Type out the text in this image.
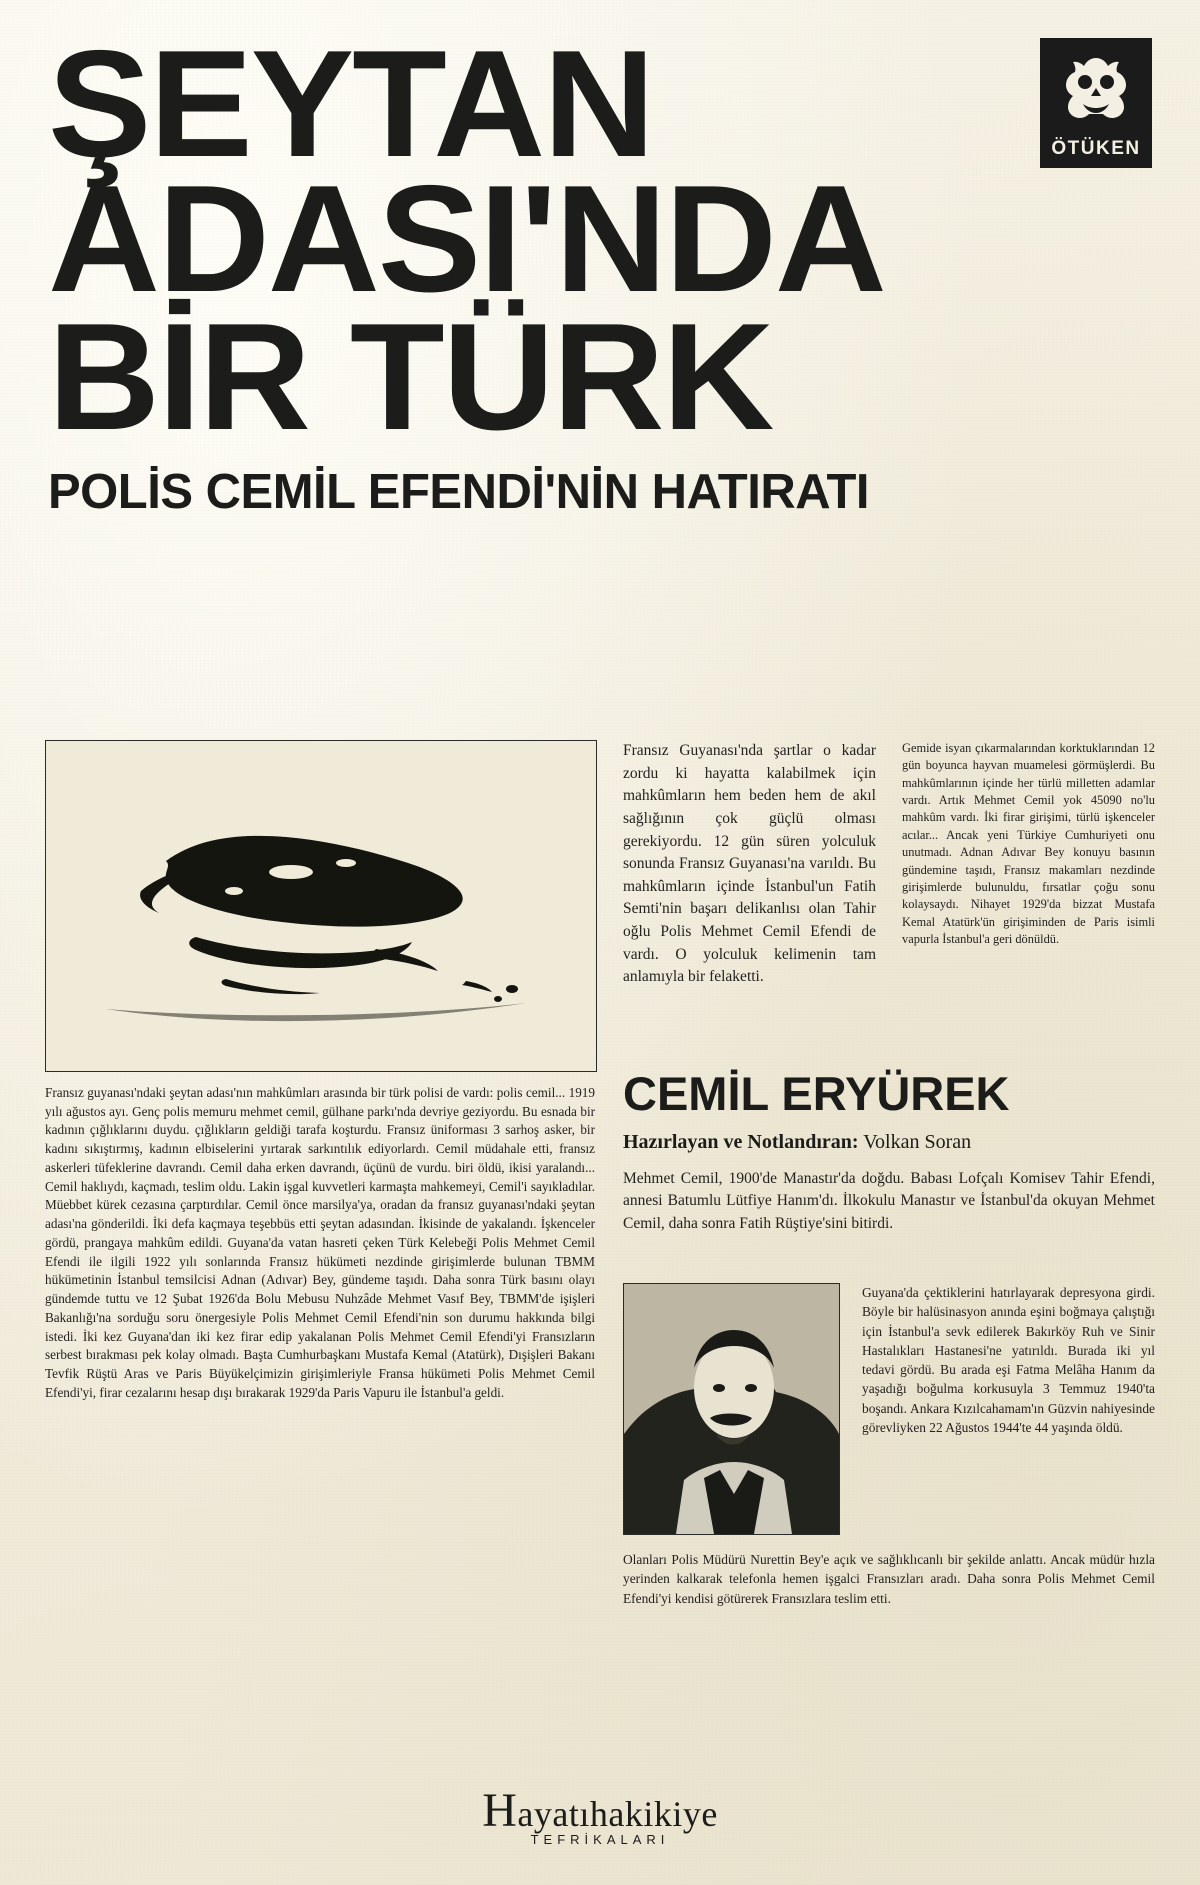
ÖTÜKEN
ŞEYTAN
ADASI'NDA
BİR TÜRK
POLİS CEMİL EFENDİ'NİN HATIRATI

Fransız guyanası'ndaki şeytan adası'nın mahkûmları arasında bir türk polisi de vardı: polis cemil... 1919 yılı ağustos ayı. Genç polis memuru mehmet cemil, gülhane parkı'nda devriye geziyordu. Bu esnada bir kadının çığlıklarını duydu. çığlıkların geldiği tarafa koşturdu. Fransız üniforması 3 sarhoş asker, bir kadını sıkıştırmış, kadının elbiselerini yırtarak sarkıntılık ediyorlardı. Cemil müdahale etti, fransız askerleri tüfeklerine davrandı. Cemil daha erken davrandı, üçünü de vurdu. biri öldü, ikisi yaralandı... Cemil haklıydı, kaçmadı, teslim oldu. Lakin işgal kuvvetleri karmaşta mahkemeyi, Cemil'i sayıkladılar. Müebbet kürek cezasına çarptırdılar. Cemil önce marsilya'ya, oradan da fransız guyanası'ndaki şeytan adası'na gönderildi. İki defa kaçmaya teşebbüs etti şeytan adasından. İkisinde de yakalandı. İşkenceler gördü, prangaya mahkûm edildi. Guyana'da vatan hasreti çeken Türk Kelebeği Polis Mehmet Cemil Efendi ile ilgili 1922 yılı sonlarında Fransız hükümeti nezdinde girişimlerde bulunan TBMM hükümetinin İstanbul temsilcisi Adnan (Adıvar) Bey, gündeme taşıdı. Daha sonra Türk basını olayı gündemde tuttu ve 12 Şubat 1926'da Bolu Mebusu Nuhzâde Mehmet Vasıf Bey, TBMM'de işişleri Bakanlığı'na sorduğu soru önergesiyle Polis Mehmet Cemil Efendi'nin son durumu hakkında bilgi istedi. İki kez Guyana'dan iki kez firar edip yakalanan Polis Mehmet Cemil Efendi'yi Fransızların serbest bırakması pek kolay olmadı. Başta Cumhurbaşkanı Mustafa Kemal (Atatürk), Dışişleri Bakanı Tevfik Rüştü Aras ve Paris Büyükelçimizin girişimleriyle Fransa hükümeti Polis Mehmet Cemil Efendi'yi, firar cezalarını hesap dışı bırakarak 1929'da Paris Vapuru ile İstanbul'a geldi.

Fransız Guyanası'nda şartlar o kadar zordu ki hayatta kalabilmek için mahkûmların hem beden hem de akıl sağlığının çok güçlü olması gerekiyordu. 12 gün süren yolculuk sonunda Fransız Guyanası'na varıldı. Bu mahkûmların içinde İstanbul'un Fatih Semti'nin başarı delikanlısı olan Tahir oğlu Polis Mehmet Cemil Efendi de vardı. O yolculuk kelimenin tam anlamıyla bir felaketti.
Gemide isyan çıkarmalarından korktuklarından 12 gün boyunca hayvan muamelesi görmüşlerdi. Bu mahkûmlarının içinde her türlü milletten adamlar vardı. Artık Mehmet Cemil yok 45090 no'lu mahkûm vardı. İki firar girişimi, türlü işkenceler acılar... Ancak yeni Türkiye Cumhuriyeti onu unutmadı. Adnan Adıvar Bey konuyu basının gündemine taşıdı, Fransız makamları nezdinde girişimlerde bulunuldu, fırsatlar çoğu sonu kolaysaydı. Nihayet 1929'da bizzat Mustafa Kemal Atatürk'ün girişiminden de Paris isimli vapurla İstanbul'a geri dönüldü.
CEMİL ERYÜREK
Hazırlayan ve Notlandıran: Volkan Soran
Mehmet Cemil, 1900'de Manastır'da doğdu. Babası Lofçalı Komisev Tahir Efendi, annesi Batumlu Lütfiye Hanım'dı. İlkokulu Manastır ve İstanbul'da okuyan Mehmet Cemil, daha sonra Fatih Rüştiye'sini bitirdi.
Guyana'da çektiklerini hatırlayarak depresyona girdi. Böyle bir halüsinasyon anında eşini boğmaya çalıştığı için İstanbul'a sevk edilerek Bakırköy Ruh ve Sinir Hastalıkları Hastanesi'ne yatırıldı. Burada iki yıl tedavi gördü. Bu arada eşi Fatma Melâha Hanım da yaşadığı boğulma korkusuyla 3 Temmuz 1940'ta boşandı. Ankara Kızılcahamam'ın Güzvin nahiyesinde görevliyken 22 Ağustos 1944'te 44 yaşında öldü.
Olanları Polis Müdürü Nurettin Bey'e açık ve sağlıklıcanlı bir şekilde anlattı. Ancak müdür hızla yerinden kalkarak telefonla hemen işgalci Fransızları aradı. Daha sonra Polis Mehmet Cemil Efendi'yi kendisi götürerek Fransızlara teslim etti.
Hayatıhakikiye
TEFRİKALARI
